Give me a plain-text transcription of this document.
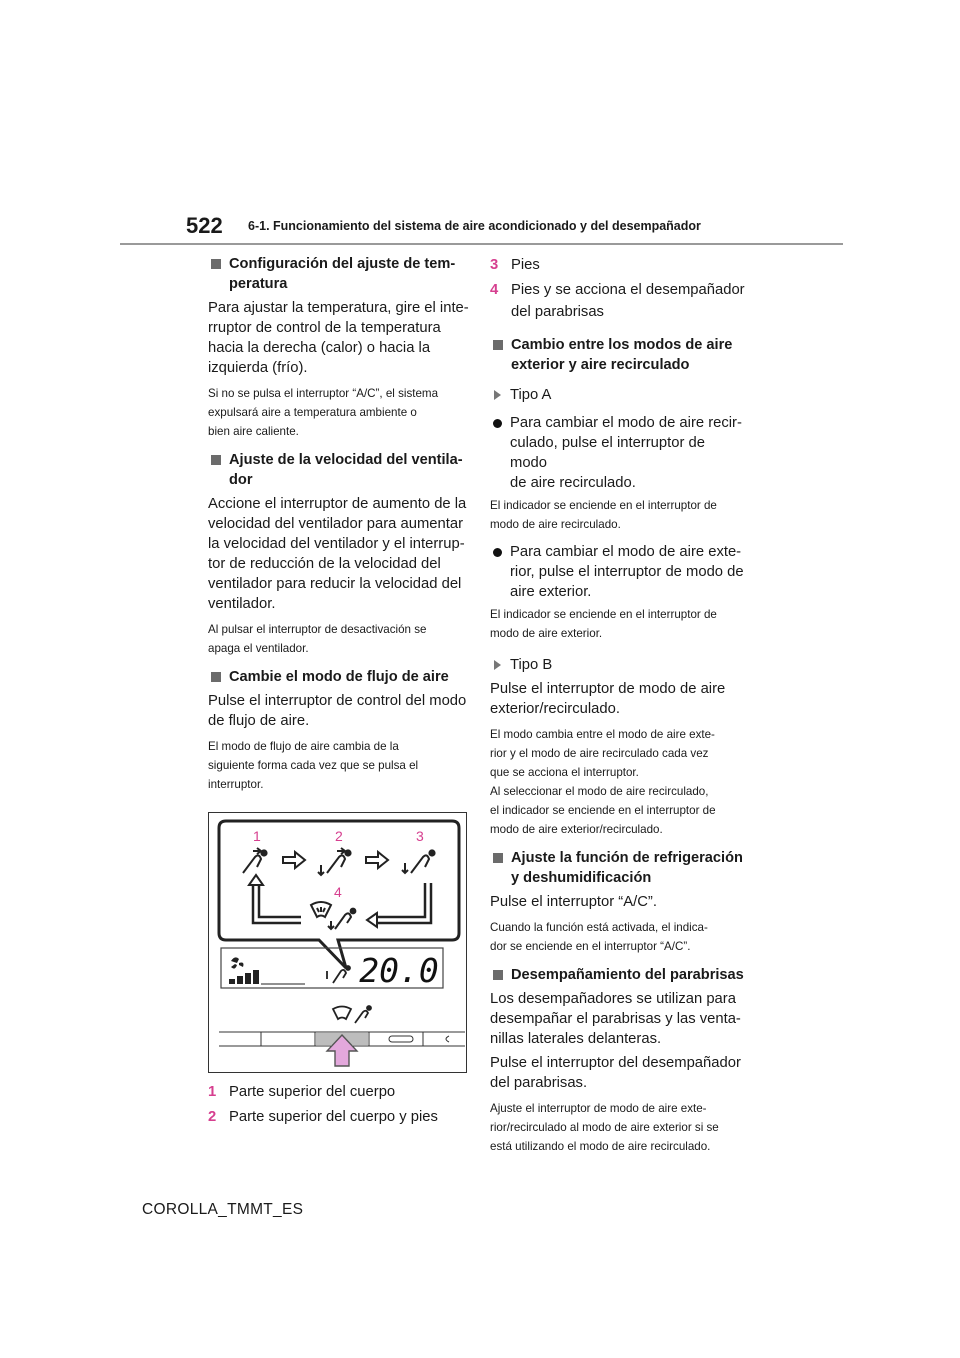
522 6-1. Funcionamiento del sistema de aire acondicionado y del desempañador
Configuración del ajuste de tem-
peratura
Para ajustar la temperatura, gire el inte-
rruptor de control de la temperatura
hacia la derecha (calor) o hacia la
izquierda (frío).
Si no se pulsa el interruptor “A/C”, el sistema
expulsará aire a temperatura ambiente o
bien aire caliente.
Ajuste de la velocidad del ventila-
dor
Accione el interruptor de aumento de la
velocidad del ventilador para aumentar
la velocidad del ventilador y el interrup-
tor de reducción de la velocidad del
ventilador para reducir la velocidad del
ventilador.
Al pulsar el interruptor de desactivación se
apaga el ventilador.
Cambie el modo de flujo de aire
Pulse el interruptor de control del modo
de flujo de aire.
El modo de flujo de aire cambia de la
siguiente forma cada vez que se pulsa el
interruptor.
1	2	3
4
20.0
1 Parte superior del cuerpo
2 Parte superior del cuerpo y pies
3 Pies
4 Pies y se acciona el desempañador
del parabrisas
Cambio entre los modos de aire
exterior y aire recirculado
Tipo A
Para cambiar el modo de aire recir-
culado, pulse el interruptor de modo
de aire recirculado.
El indicador se enciende en el interruptor de
modo de aire recirculado.
Para cambiar el modo de aire exte-
rior, pulse el interruptor de modo de
aire exterior.
El indicador se enciende en el interruptor de
modo de aire exterior.
Tipo B
Pulse el interruptor de modo de aire
exterior/recirculado.
El modo cambia entre el modo de aire exte-
rior y el modo de aire recirculado cada vez
que se acciona el interruptor.
Al seleccionar el modo de aire recirculado,
el indicador se enciende en el interruptor de
modo de aire exterior/recirculado.
Ajuste la función de refrigeración
y deshumidificación
Pulse el interruptor “A/C”.
Cuando la función está activada, el indica-
dor se enciende en el interruptor “A/C”.
Desempañamiento del parabrisas
Los desempañadores se utilizan para
desempañar el parabrisas y las venta-
nillas laterales delanteras.
Pulse el interruptor del desempañador
del parabrisas.
Ajuste el interruptor de modo de aire exte-
rior/recirculado al modo de aire exterior si se
está utilizando el modo de aire recirculado.
COROLLA_TMMT_ES
